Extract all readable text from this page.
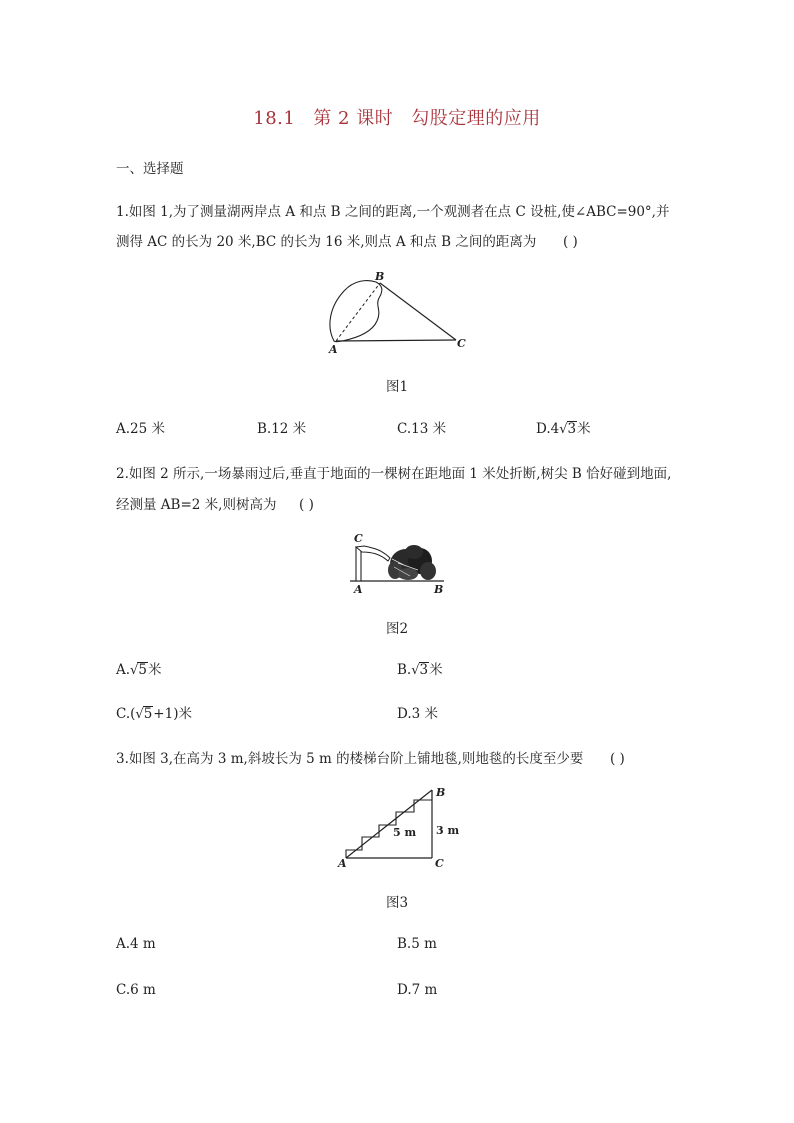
18.1 第 2 课时 勾股定理的应用
一、选择题
1.如图 1,为了测量湖两岸点 A 和点 B 之间的距离,一个观测者在点 C 设桩,使∠ABC=90°,并
测得 AC 的长为 20 米,BC 的长为 16 米,则点 A 和点 B 之间的距离为 ( )
A
B
C
图1
A.25 米	B.12 米	C.13 米	D.4√3米
2.如图 2 所示,一场暴雨过后,垂直于地面的一棵树在距地面 1 米处折断,树尖 B 恰好碰到地面,
经测量 AB=2 米,则树高为 ( )
C
A	B
图2
A.√5米	B.√3米
C.(√5+1)米	D.3 米
3.如图 3,在高为 3 m,斜坡长为 5 m 的楼梯台阶上铺地毯,则地毯的长度至少要 ( )
A
B
C
5 m 3 m
图3
A.4 m	B.5 m
C.6 m	D.7 m
